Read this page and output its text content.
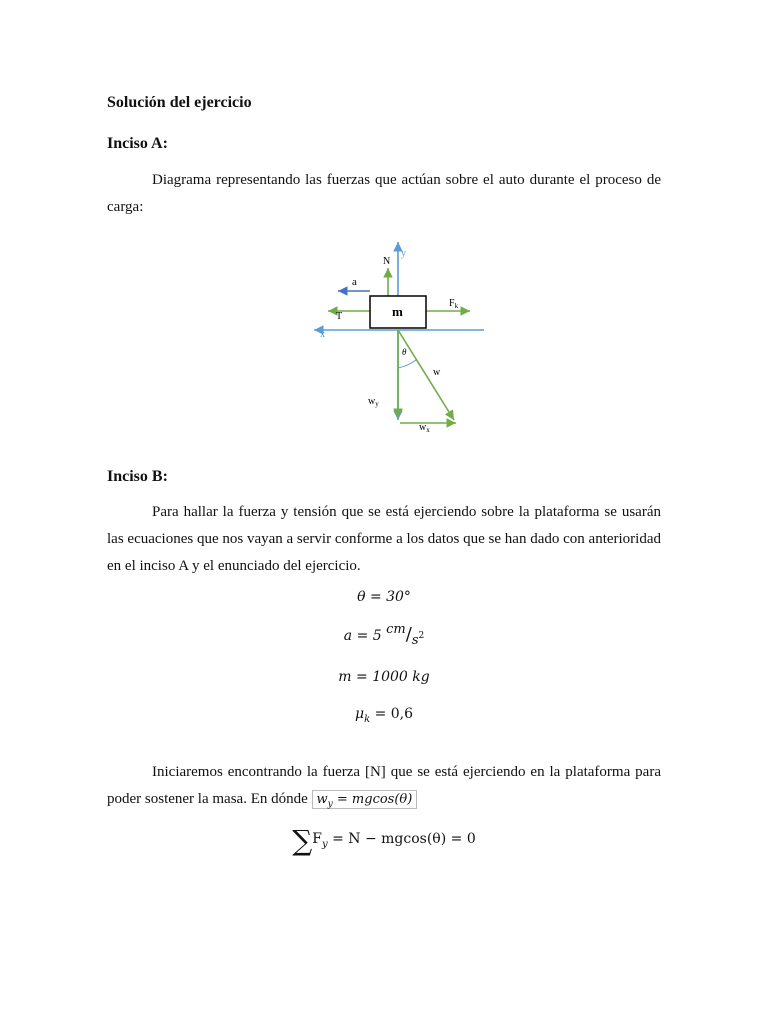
Solución del ejercicio
Inciso A:

Diagrama representando las fuerzas que actúan sobre el auto durante el proceso de carga:

y
x
N
a
T
$F_k$
m
w
θ
$w_y$
$w_x$
Inciso B:

Para hallar la fuerza y tensión que se está ejerciendo sobre la plataforma se usarán las ecuaciones que nos vayan a servir conforme a los datos que se han dado con anterioridad en el inciso A y el enunciado del ejercicio.

θ = 30°
a = 5 cm/s2
m = 1000 kg
$\mu_k = 0,6$

Iniciaremos encontrando la fuerza [N] que se está ejerciendo en la plataforma para poder sostener la masa. En dónde $w_y = mgcos(\theta)$

$\sum F_y = N - mgcos(\theta) = 0$
